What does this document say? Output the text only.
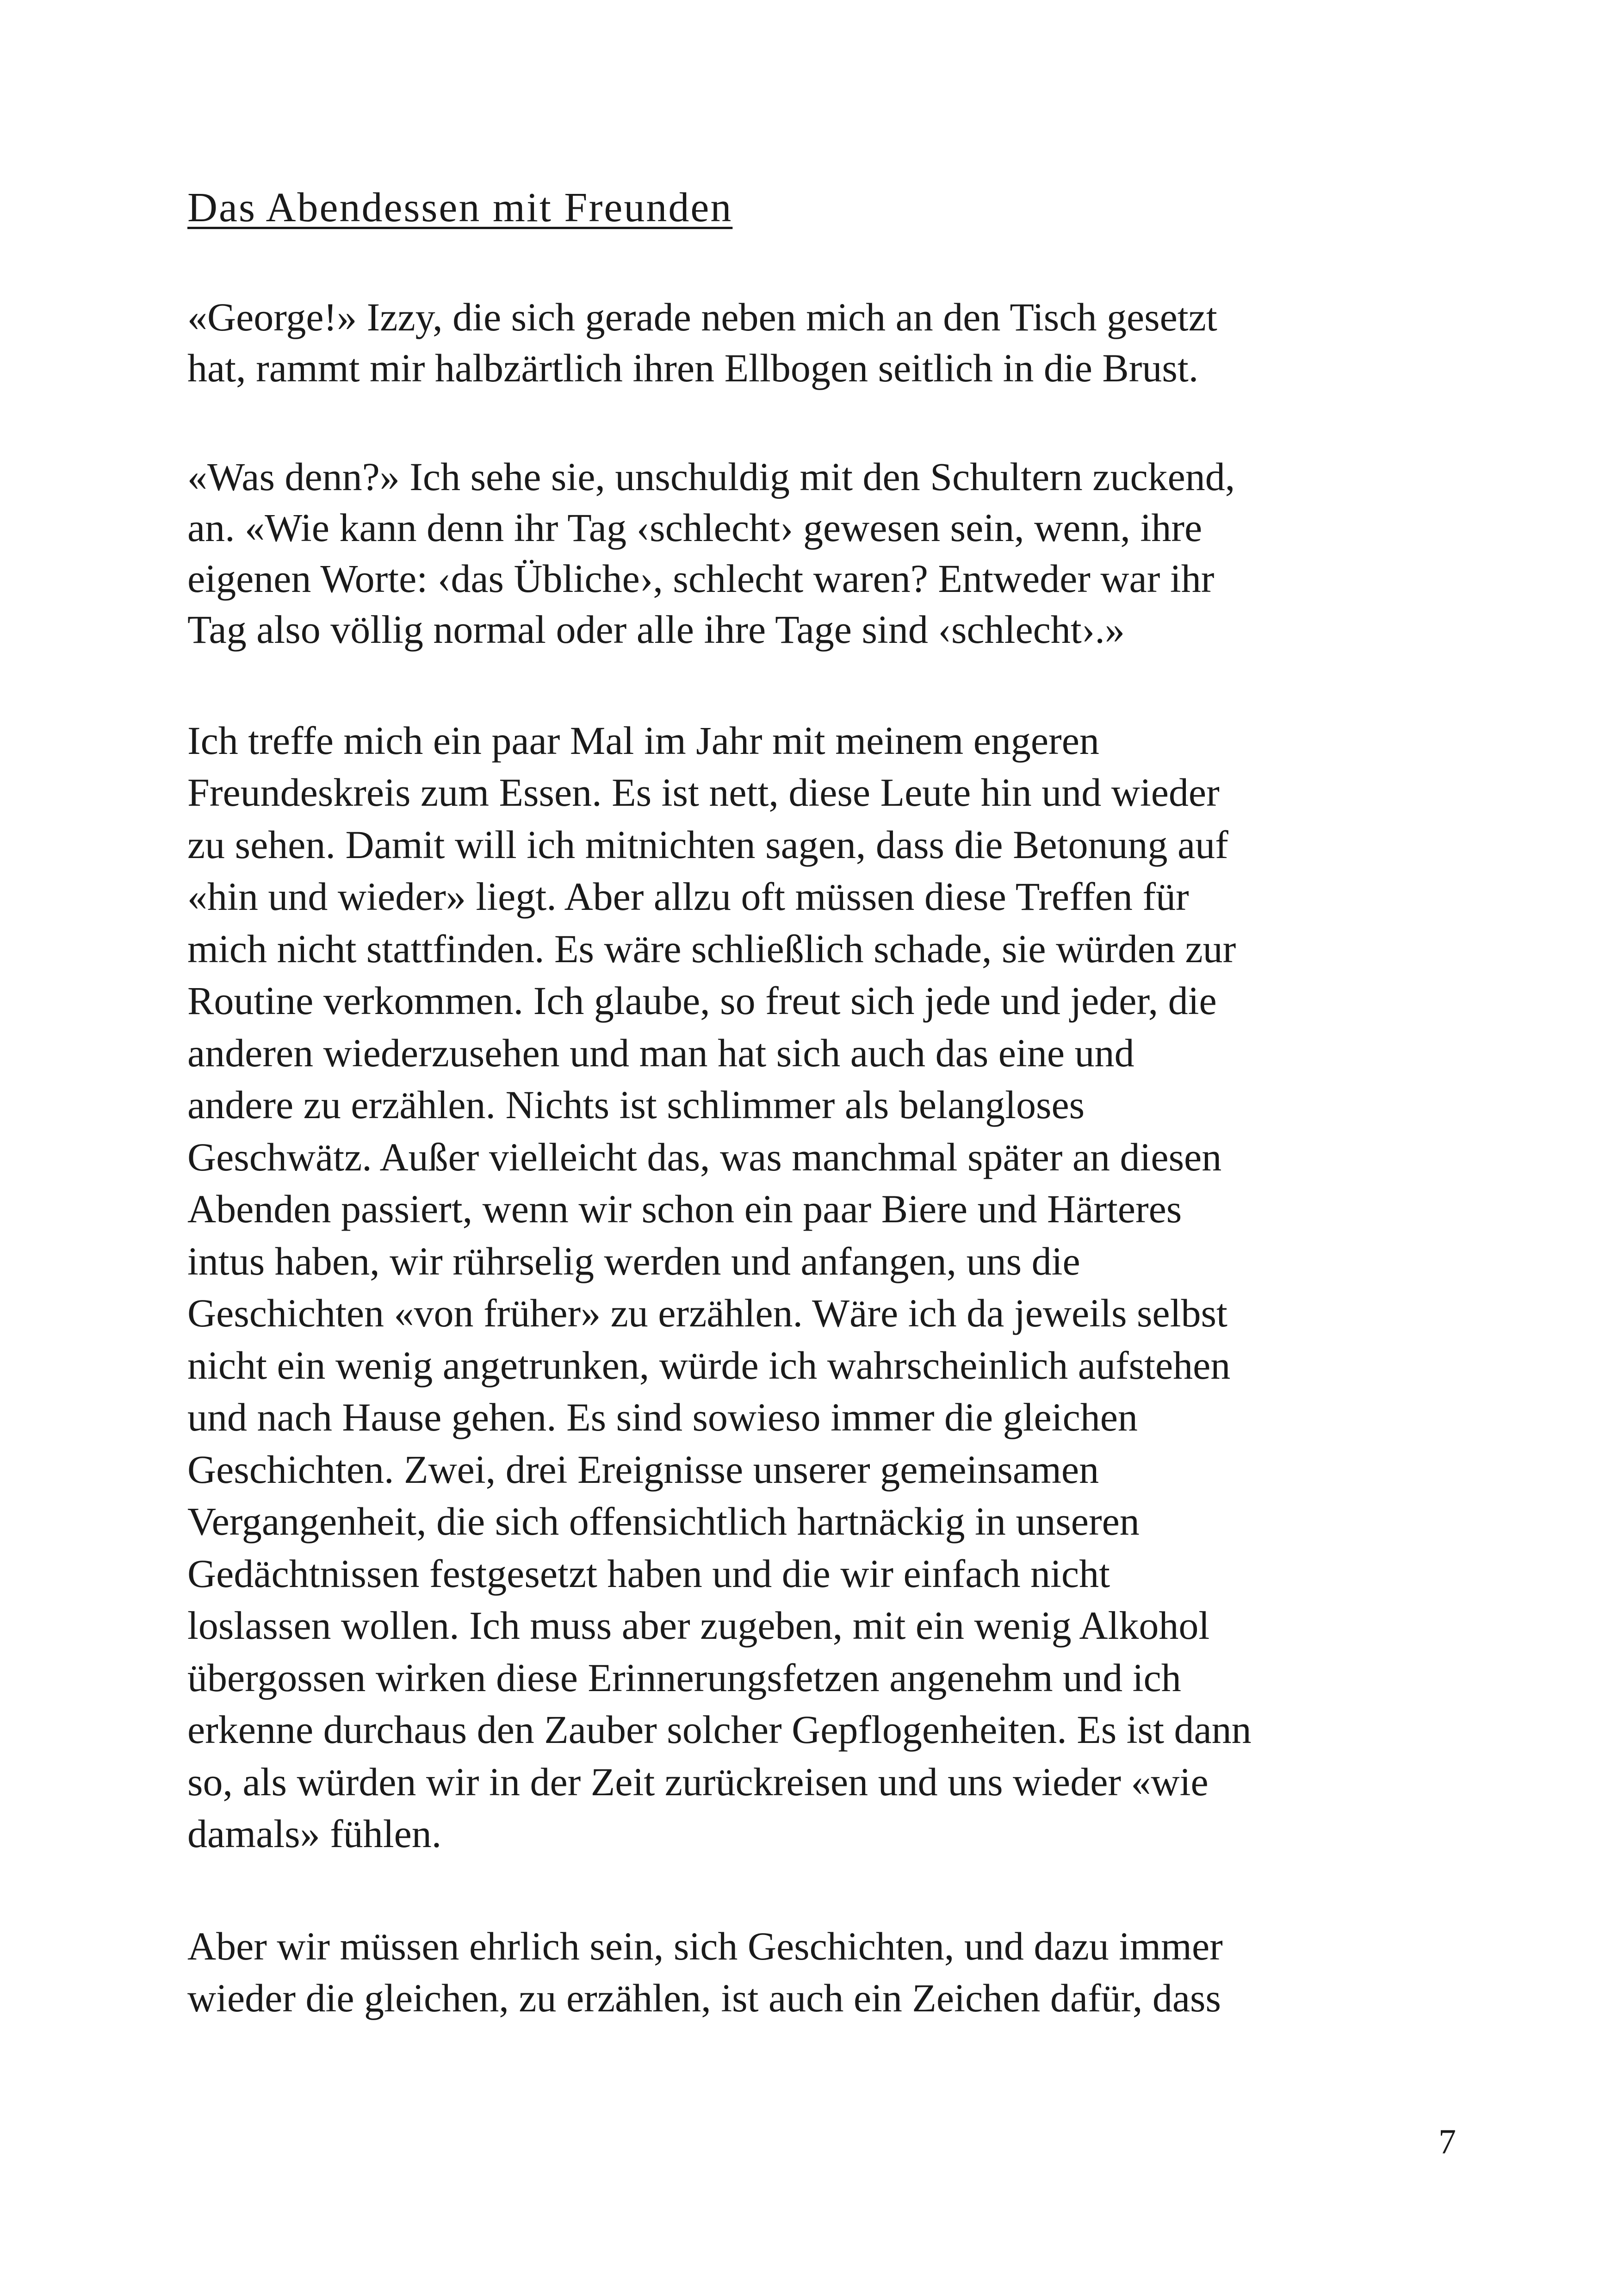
Das Abendessen mit Freunden

«George!» Izzy, die sich gerade neben mich an den Tisch gesetzt

hat, rammt mir halbzärtlich ihren Ellbogen seitlich in die Brust.

«Was denn?» Ich sehe sie, unschuldig mit den Schultern zuckend,

an. «Wie kann denn ihr Tag ‹schlecht› gewesen sein, wenn, ihre

eigenen Worte: ‹das Übliche›, schlecht waren? Entweder war ihr

Tag also völlig normal oder alle ihre Tage sind ‹schlecht›.»

Ich treffe mich ein paar Mal im Jahr mit meinem engeren

Freundeskreis zum Essen. Es ist nett, diese Leute hin und wieder

zu sehen. Damit will ich mitnichten sagen, dass die Betonung auf

«hin und wieder» liegt. Aber allzu oft müssen diese Treffen für

mich nicht stattfinden. Es wäre schließlich schade, sie würden zur

Routine verkommen. Ich glaube, so freut sich jede und jeder, die

anderen wiederzusehen und man hat sich auch das eine und

andere zu erzählen. Nichts ist schlimmer als belangloses

Geschwätz. Außer vielleicht das, was manchmal später an diesen

Abenden passiert, wenn wir schon ein paar Biere und Härteres

intus haben, wir rührselig werden und anfangen, uns die

Geschichten «von früher» zu erzählen. Wäre ich da jeweils selbst

nicht ein wenig angetrunken, würde ich wahrscheinlich aufstehen

und nach Hause gehen. Es sind sowieso immer die gleichen

Geschichten. Zwei, drei Ereignisse unserer gemeinsamen

Vergangenheit, die sich offensichtlich hartnäckig in unseren

Gedächtnissen festgesetzt haben und die wir einfach nicht

loslassen wollen. Ich muss aber zugeben, mit ein wenig Alkohol

übergossen wirken diese Erinnerungsfetzen angenehm und ich

erkenne durchaus den Zauber solcher Gepflogenheiten. Es ist dann

so, als würden wir in der Zeit zurückreisen und uns wieder «wie

damals» fühlen.

Aber wir müssen ehrlich sein, sich Geschichten, und dazu immer

wieder die gleichen, zu erzählen, ist auch ein Zeichen dafür, dass

7
